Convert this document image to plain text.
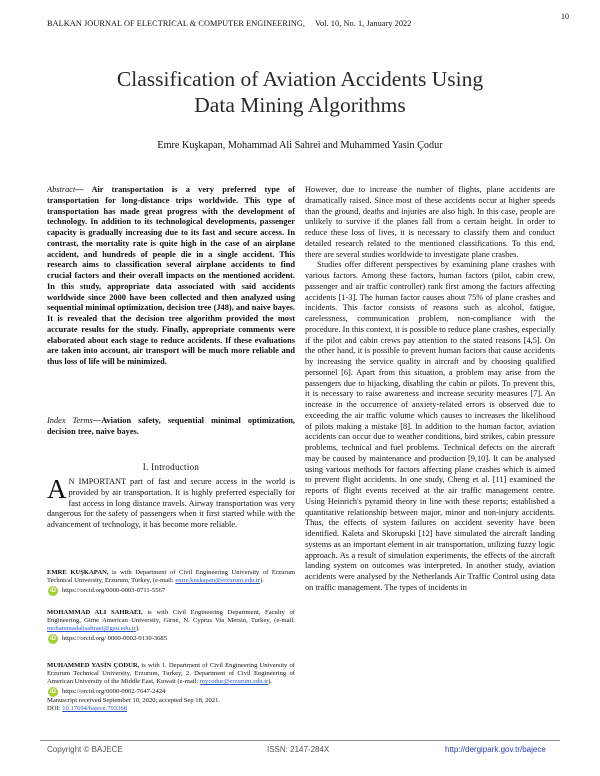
10
BALKAN JOURNAL OF ELECTRICAL & COMPUTER ENGINEERING, Vol. 10, No. 1, January 2022
Classification of Aviation Accidents Using
Data Mining Algorithms
Emre Kuşkapan, Mohammad Ali Sahrei and Muhammed Yasin Çodur
Abstract— Air transportation is a very preferred type of transportation for long-distance trips worldwide. This type of transportation has made great progress with the development of technology. In addition to its technological developments, passenger capacity is gradually increasing due to its fast and secure access. In contrast, the mortality rate is quite high in the case of an airplane accident, and hundreds of people die in a single accident. This research aims to classification several airplane accidents to find crucial factors and their overall impacts on the mentioned accident. In this study, appropriate data associated with said accidents worldwide since 2000 have been collected and then analyzed using sequential minimal optimization, decision tree (J48), and naive bayes. It is revealed that the decision tree algorithm provided the most accurate results for the study. Finally, appropriate comments were elaborated about each stage to reduce accidents. If these evaluations are taken into account, air transport will be much more reliable and thus loss of life will be minimized.
Index Terms—Aviation safety, sequential minimal optimization, decision tree, naive bayes.
I. Introduction
A N IMPORTANT part of fast and secure access in the world is provided by air transportation. It is highly preferred especially for fast access in long distance travels. Airway transportation was very dangerous for the safety of passengers when it first started while with the advancement of technology, it has become more reliable.
EMRE KUŞKAPAN, is with Department of Civil Engineering University of Erzurum Technical University, Erzurum, Turkey, (e-mail: emre.kuskapan@erzurum.edu.tr).
iD https://orcid.org/0000-0003-0711-5567
MOHAMMAD ALI SAHRAEI, is with Civil Engineering Department, Faculty of Engineering, Girne American University, Girne, N. Cyprus Via Mersin, Turkey, (e-mail: mohammadalisahraei@gau.edu.tr).
iD https://orcid.org/ 0000-0002-9130-3685
MUHAMMED YASİN ÇODUR, is with 1. Department of Civil Engineering University of Erzurum Technical University, Erzurum, Turkey, 2. Department of Civil Engineering of American University of the Middle East, Kuwait (e-mail: mycodur@erzurum.edu.tr).
iD https://orcid.org/0000-0002-7647-2424
Manuscript received September 10, 2020; accepted Sep 18, 2021.
DOI: 10.17694/bajece.793368

However, due to increase the number of flights, plane accidents are dramatically raised. Since most of these accidents occur at higher speeds than the ground, deaths and injuries are also high. In this case, people are unlikely to survive if the planes fall from a certain height. In order to reduce these loss of lives, it is necessary to classify them and conduct detailed research related to the mentioned classifications. To this end, there are several studies worldwide to investigate plane crashes.

Studies offer different perspectives by examining plane crashes with various factors. Among these factors, human factors (pilot, cabin crew, passenger and air traffic controller) rank first among the factors affecting accidents [1-3]. The human factor causes about 75% of plane crashes and incidents. This factor consists of reasons such as alcohol, fatigue, carelessness, communication problem, non-compliance with the procedure. In this context, it is possible to reduce plane crashes, especially if the pilot and cabin crews pay attention to the stated reasons [4,5]. On the other hand, it is possible to prevent human factors that cause accidents by increasing the service quality in aircraft and by choosing qualified personnel [6]. Apart from this situation, a problem may arise from the passengers due to hijacking, disabling the cabin or pilots. To prevent this, it is necessary to raise awareness and increase security measures [7]. An increase in the occurrence of anxiety-related errors is observed due to exceeding the air traffic volume which causes to increases the likelihood of pilots making a mistake [8]. In addition to the human factor, aviation accidents can occur due to weather conditions, bird strikes, cabin pressure problems, technical and fuel problems. Technical defects on the aircraft may be caused by maintenance and production [9,10]. It can be analysed using various methods for factors affecting plane crashes which is aimed to prevent flight accidents. In one study, Cheng et al. [11] examined the reports of flight events received at the air traffic management centre. Using Heinrich's pyramid theory in line with these reports; established a quantitative relationship between major, minor and non-injury accidents. Thus, the effects of system failures on accident severity have been identified. Kaleta and Skorupski [12] have simulated the aircraft landing systems as an important element in air transportation, utilizing fuzzy logic approach. As a result of simulation experiments, the effects of the aircraft landing system on outcomes was interpreted. In another study, aviation accidents were analysed by the Netherlands Air Traffic Control using data on traffic management. The types of incidents in

Copyright © BAJECE	ISSN: 2147-284X	http://dergipark.gov.tr/bajece
